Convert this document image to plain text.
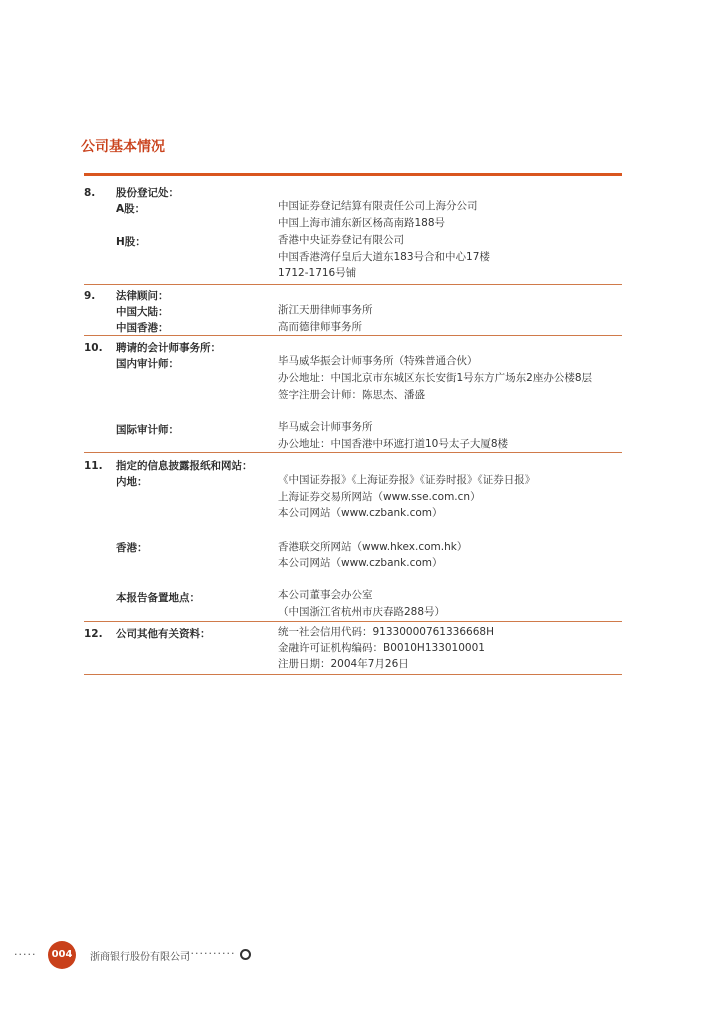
公司基本情况
8. 股份登记处：
A股：	中国证券登记结算有限责任公司上海分公司
中国上海市浦东新区杨高南路188号
H股：	香港中央证券登记有限公司
中国香港湾仔皇后大道东183号合和中心17楼
1712-1716号铺
9. 法律顾问：
中国大陆：	浙江天册律师事务所
中国香港：	高而德律师事务所
10. 聘请的会计师事务所：
国内审计师：	毕马威华振会计师事务所（特殊普通合伙）
办公地址：中国北京市东城区东长安街1号东方广场东2座办公楼8层
签字注册会计师：陈思杰、潘盛
国际审计师：	毕马威会计师事务所
办公地址：中国香港中环遮打道10号太子大厦8楼
11. 指定的信息披露报纸和网站：
内地：	《中国证券报》《上海证券报》《证券时报》《证券日报》
上海证券交易所网站（www.sse.com.cn）
本公司网站（www.czbank.com）
香港：	香港联交所网站（www.hkex.com.hk）
本公司网站（www.czbank.com）
本报告备置地点：	本公司董事会办公室
（中国浙江省杭州市庆春路288号）
12. 公司其他有关资料：	统一社会信用代码：91330000761336668H
金融许可证机构编码：B0010H133010001
注册日期：2004年7月26日
·····	004	浙商银行股份有限公司
···········
